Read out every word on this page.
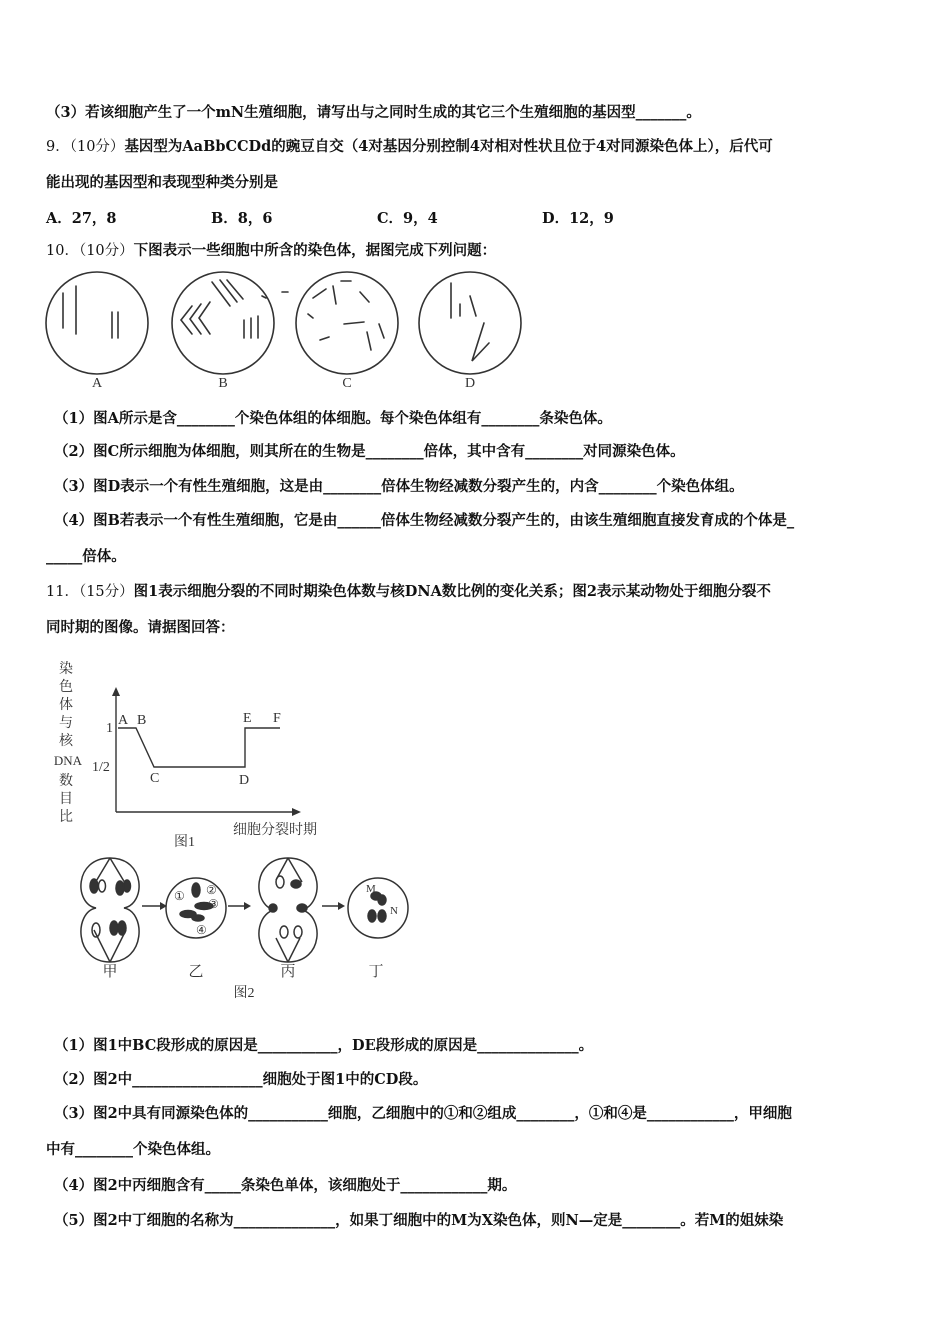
（3）若该细胞产生了一个mN生殖细胞，请写出与之同时生成的其它三个生殖细胞的基因型_______。
9．（10分）基因型为AaBbCCDd的豌豆自交（4对基因分别控制4对相对性状且位于4对同源染色体上），后代可
能出现的基因型和表现型种类分别是
A．27，8	B．8，6	C．9，4	D．12，9
10．（10分）下图表示一些细胞中所含的染色体，据图完成下列问题：
A	B	C	D
（1）图A所示是含________个染色体组的体细胞。每个染色体组有________条染色体。
（2）图C所示细胞为体细胞，则其所在的生物是________倍体，其中含有________对同源染色体。
（3）图D表示一个有性生殖细胞，这是由________倍体生物经减数分裂产生的，内含________个染色体组。
（4）图B若表示一个有性生殖细胞，它是由______倍体生物经减数分裂产生的，由该生殖细胞直接发育成的个体是_
_____倍体。
11．（15分）图1表示细胞分裂的不同时期染色体数与核DNA数比例的变化关系；图2表示某动物处于细胞分裂不
同时期的图像。请据图回答：
染
色
体
与
核
DNA
数
目
比
1
1/2
A B
C	D
E F
细胞分裂时期
图1
① ②
③
④
M
N
甲	乙	丙	丁
图2
（1）图1中BC段形成的原因是___________，DE段形成的原因是______________。
（2）图2中__________________细胞处于图1中的CD段。
（3）图2中具有同源染色体的___________细胞，乙细胞中的①和②组成________，①和④是____________，甲细胞
中有________个染色体组。
（4）图2中丙细胞含有_____条染色单体，该细胞处于____________期。
（5）图2中丁细胞的名称为______________，如果丁细胞中的M为X染色体，则N—定是________。若M的姐妹染
